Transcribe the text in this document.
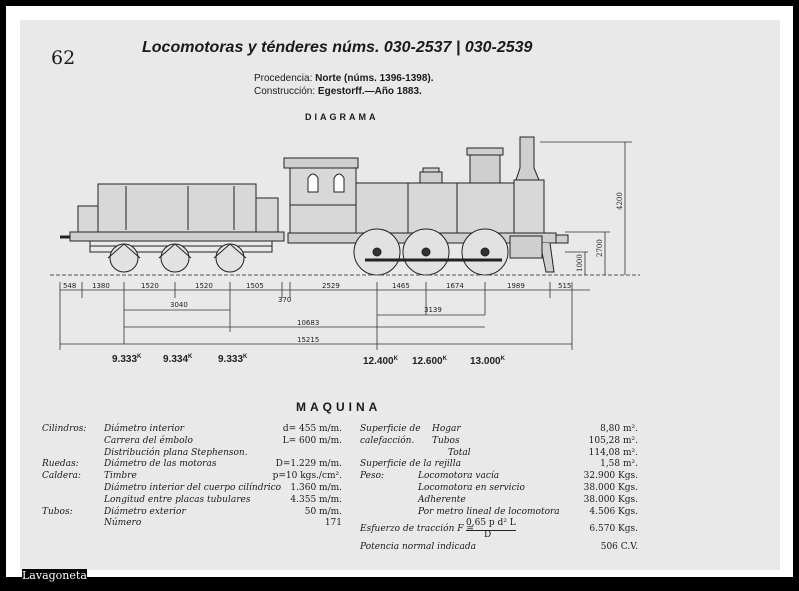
62	Locomotoras y ténderes núms. 030-2537 | 030-2539
Procedencia: Norte (núms. 1396-1398).
Construcción: Egestorff.—Año 1883.
DIAGRAMA
4200
2700
1000
548 1380	1520	1520	1505
370
2529	1465	1674	1989	515
3040
3139
10683
15215
$9.333^K$ $9.334^K$	$9.333^K$	$12.400^K$ $12.600^K$ $13.000^K$
MAQUINA
Cilindros: Diámetro interior	d= 455 m/m.
Carrera del émbolo	L= 600 m/m.
Distribución plana Stephenson.
Ruedas:	Diámetro de las motoras	D=1.229 m/m.
Caldera:	Timbre	p=10 kgs./cm².
Diámetro interior del cuerpo cilíndrico 1.360 m/m.
Longitud entre placas tubulares	4.355 m/m.
Tubos:	Diámetro exterior	50 m/m.
Número	171
Superficie de Hogar	8,80 m².
calefacción. Tubos	105,28 m².
Total	114,08 m².
Superficie de la rejilla	1,58 m².
Peso:	Locomotora vacía	32.900 Kgs.
Locomotora en servicio	38.000 Kgs.
Adherente	38.000 Kgs.
Por metro lineal de locomotora	4.506 Kgs.
Esfuerzo de tracción F =
0,65 p d² L
D
6.570 Kgs.
Potencia normal indicada	506 C.V.
Lavagoneta
